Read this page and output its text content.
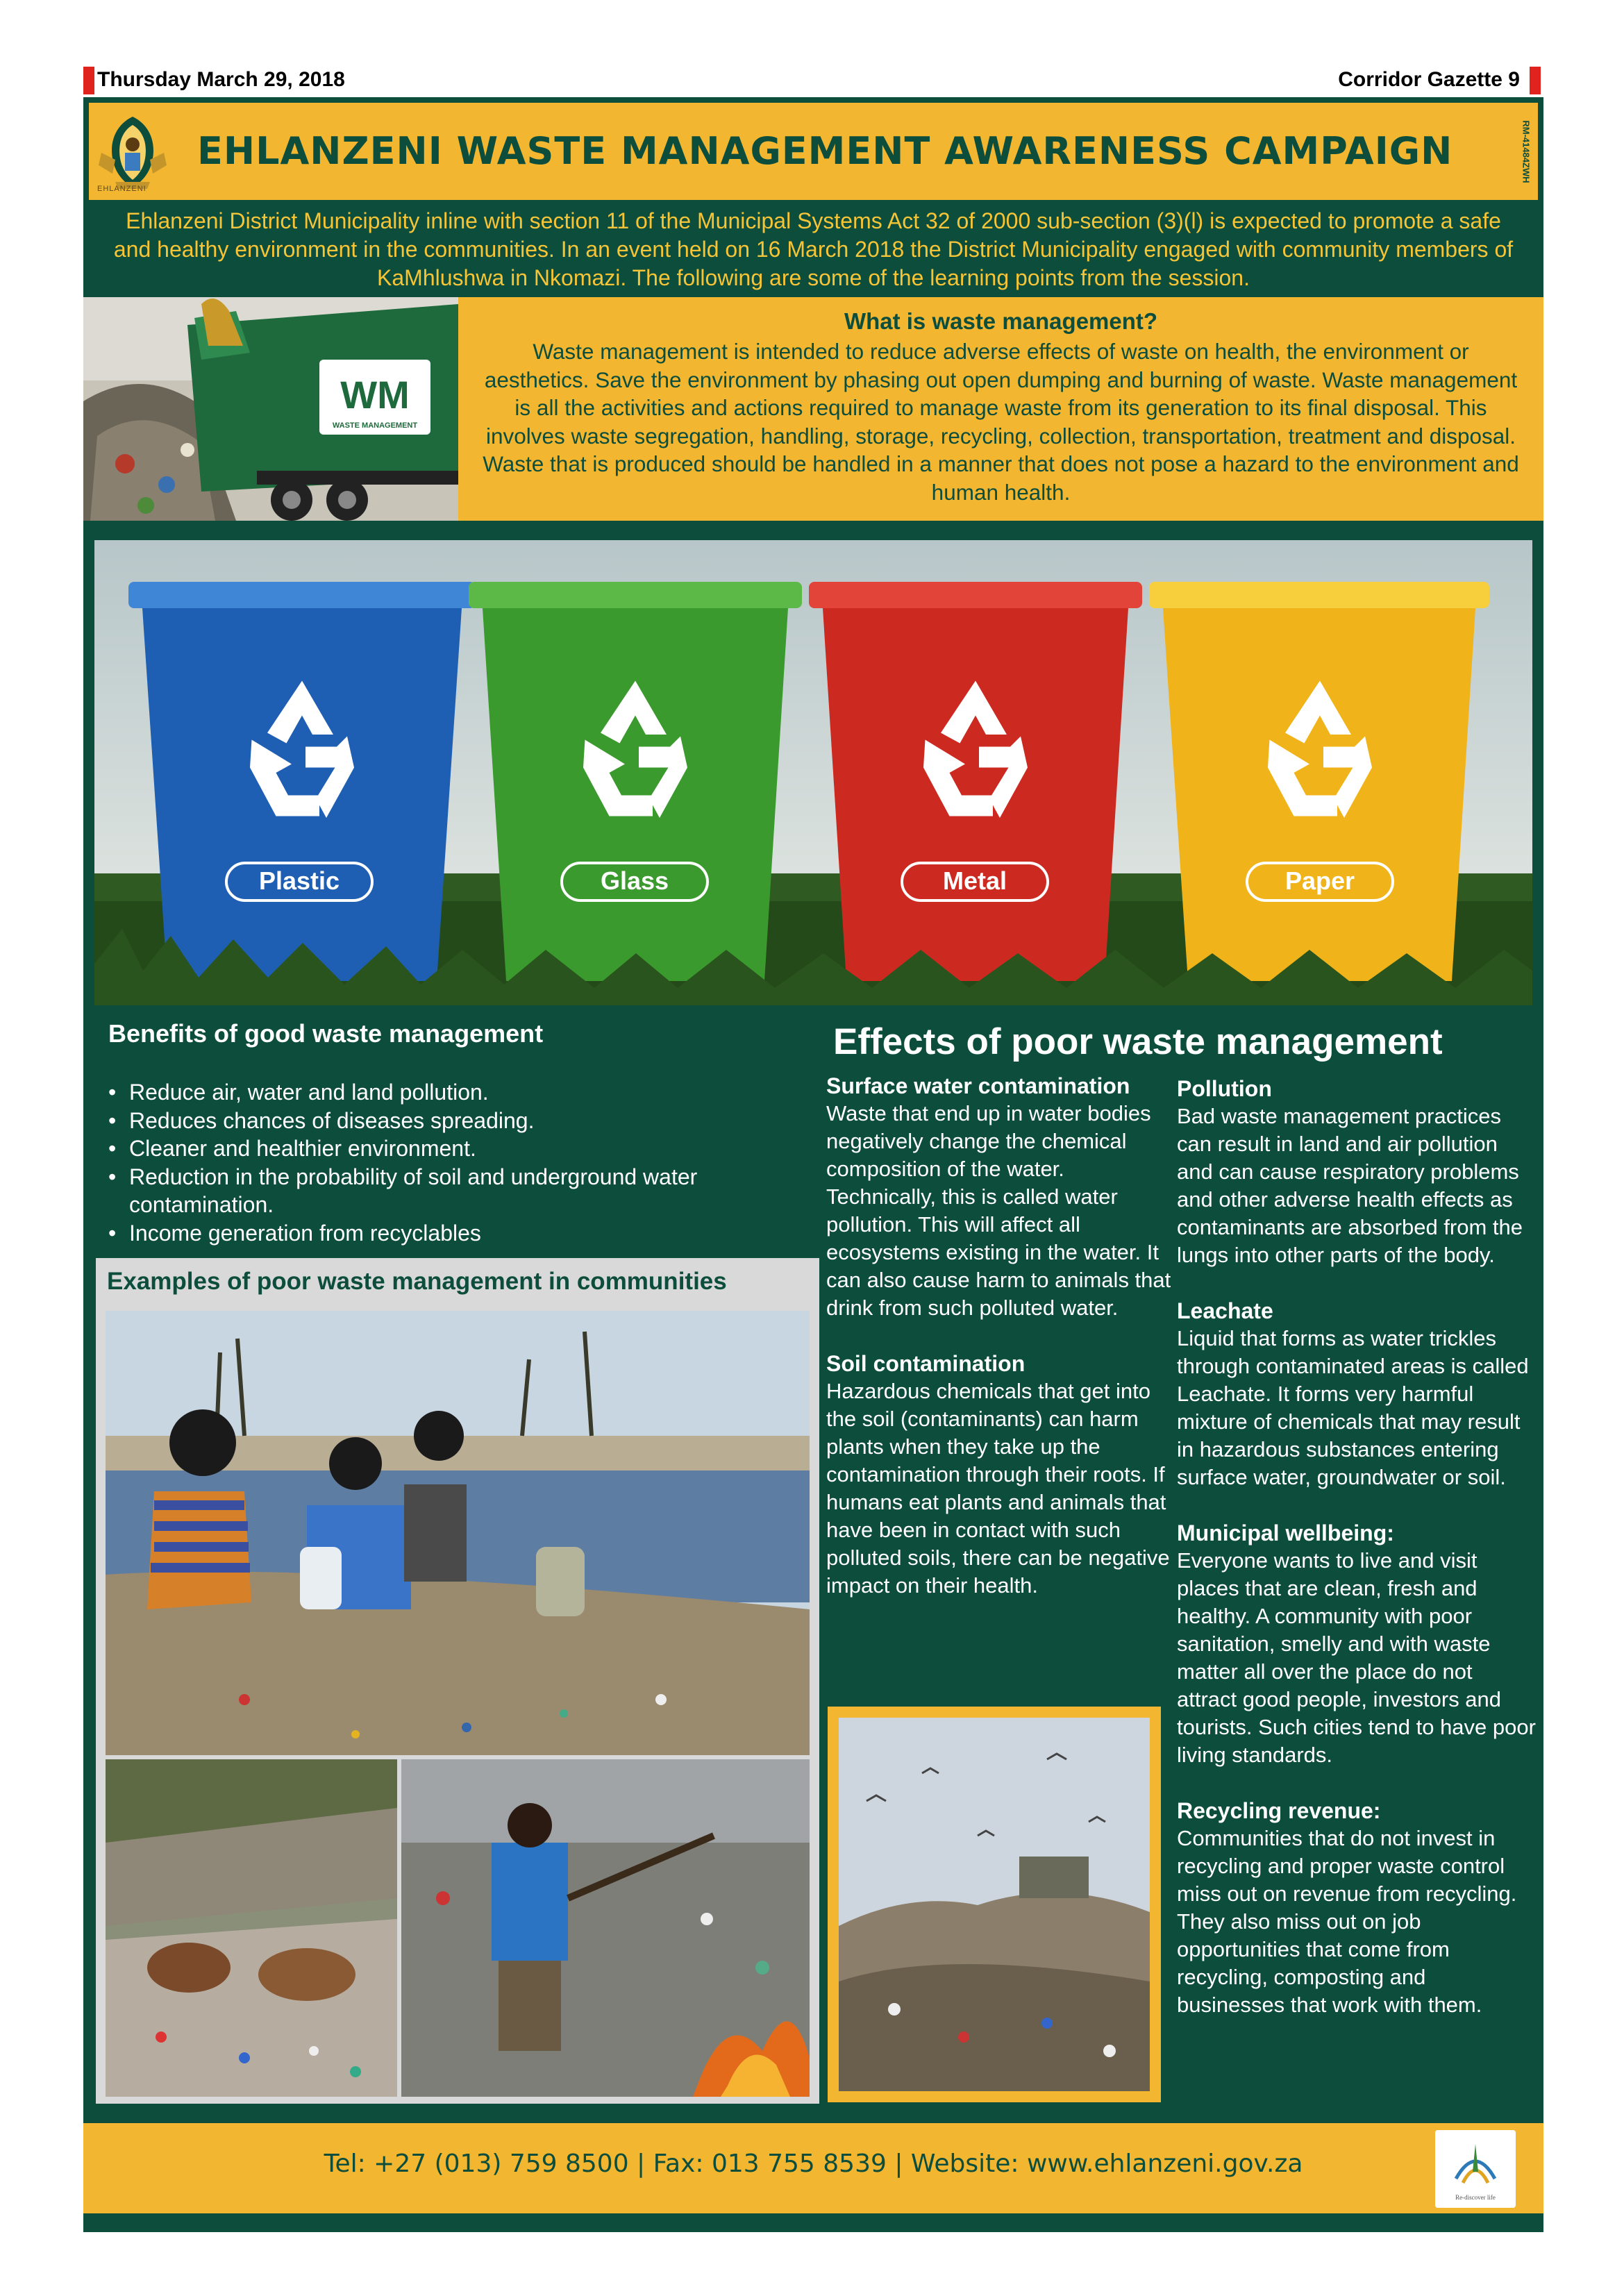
Thursday March 29, 2018	Corridor Gazette 9
EHLANZENI
EHLANZENI WASTE MANAGEMENT AWARENESS CAMPAIGN	RM-41484ZWH
Ehlanzeni District Municipality inline with section 11 of the Municipal Systems Act 32 of 2000 sub-section (3)(l) is expected to promote a safe and healthy environment in the communities. In an event held on 16 March 2018 the District Municipality engaged with community members of KaMhlushwa in Nkomazi. The following are some of the learning points from the session.
WM
WASTE MANAGEMENT
What is waste management?
Waste management is intended to reduce adverse effects of waste on health, the environment or aesthetics. Save the environment by phasing out open dumping and burning of waste. Waste management is all the activities and actions required to manage waste from its generation to its final disposal. This involves waste segregation, handling, storage, recycling, collection, transportation, treatment and disposal. Waste that is produced should be handled in a manner that does not pose a hazard to the environment and human health.
Plastic	Glass	Metal	Paper
Benefits of good waste management
• Reduce air, water and land pollution.
• Reduces chances of diseases spreading.
• Cleaner and healthier environment.
• Reduction in the probability of soil and underground water contamination.
• Income generation from recyclables
Examples of poor waste management in communities
Effects of poor waste management

Surface water contamination

Waste that end up in water bodies negatively change the chemical composition of the water. Technically, this is called water pollution. This will affect all ecosystems existing in the water. It can also cause harm to animals that drink from such polluted water.

Soil contamination

Hazardous chemicals that get into the soil (contaminants) can harm plants when they take up the contamination through their roots. If humans eat plants and animals that have been in contact with such polluted soils, there can be negative impact on their health.

Pollution

Bad waste management practices can result in land and air pollution and can cause respiratory problems and other adverse health effects as contaminants are absorbed from the lungs into other parts of the body.

Leachate

Liquid that forms as water trickles through contaminated areas is called Leachate. It forms very harmful mixture of chemicals that may result in hazardous substances entering surface water, groundwater or soil.

Municipal wellbeing:

Everyone wants to live and visit places that are clean, fresh and healthy. A community with poor sanitation, smelly and with waste matter all over the place do not attract good people, investors and tourists. Such cities tend to have poor living standards.

Recycling revenue:

Communities that do not invest in recycling and proper waste control miss out on revenue from recycling. They also miss out on job opportunities that come from recycling, composting and businesses that work with them.

Tel: +27 (013) 759 8500 | Fax: 013 755 8539 | Website: www.ehlanzeni.gov.za
Re-discover life
